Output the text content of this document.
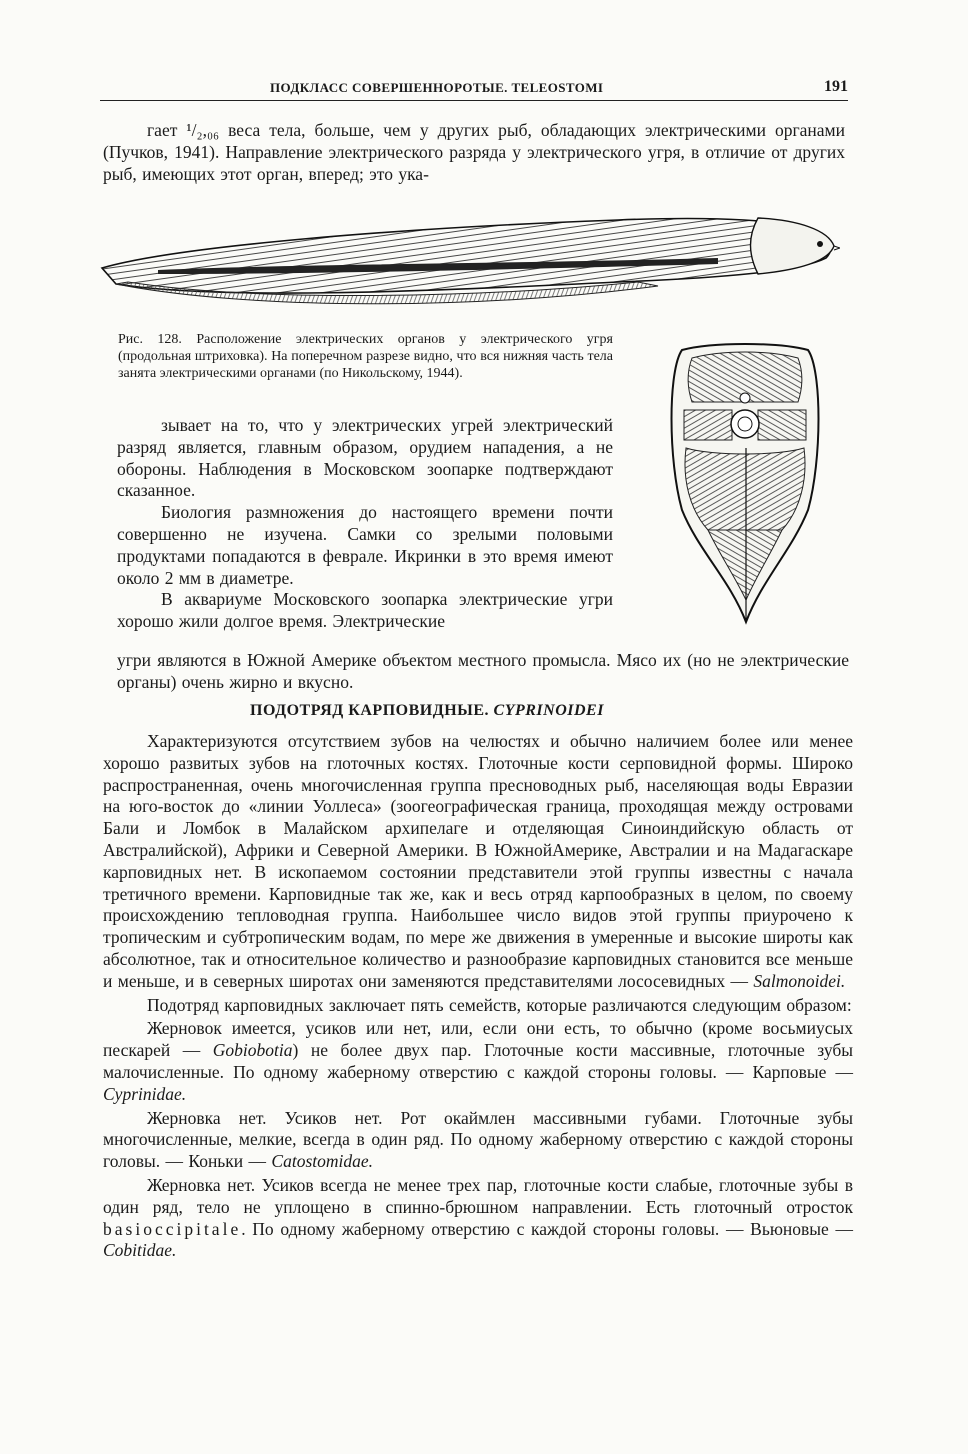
ПОДКЛАСС СОВЕРШЕННОРОТЫЕ. TELEOSTOMI	191
гает ¹/₂,₀₆ веса тела, больше, чем у других рыб, обладающих электрическими органами (Пучков, 1941). Направление электрического разряда у электрического угря, в отличие от других рыб, имеющих этот орган, вперед; это ука-
Рис. 128. Расположение электрических органов у электрического угря (продольная штриховка). На поперечном разрезе видно, что вся нижняя часть тела занята электрическими органами (по Никольскому, 1944).

зывает на то, что у электрических угрей электрический разряд является, главным образом, орудием нападения, а не обороны. Наблюдения в Московском зоопарке подтверждают сказанное.

Биология размножения до настоящего времени почти совершенно не изучена. Самки со зрелыми половыми продуктами попадаются в феврале. Икринки в это время имеют около 2 мм в диаметре.

В аквариуме Московского зоопарка электрические угри хорошо жили долгое время. Электрические

угри являются в Южной Америке объектом местного промысла. Мясо их (но не электрические органы) очень жирно и вкусно.
ПОДОТРЯД КАРПОВИДНЫЕ. CYPRINOIDEI

Характеризуются отсутствием зубов на челюстях и обычно наличием более или менее хорошо развитых зубов на глоточных костях. Глоточные кости серповидной формы. Широко распространенная, очень многочисленная группа пресноводных рыб, населяющая воды Евразии на юго-восток до «линии Уоллеса» (зоогеографическая граница, проходящая между островами Бали и Ломбок в Малайском архипелаге и отделяющая Синоиндийскую область от Австралийской), Африки и Северной Америки. В ЮжнойАмерике, Австралии и на Мадагаскаре карповидных нет. В ископаемом состоянии представители этой группы известны с начала третичного времени. Карповидные так же, как и весь отряд карпообразных в целом, по своему происхождению тепловодная группа. Наибольшее число видов этой группы приурочено к тропическим и субтропическим водам, по мере же движения в умеренные и высокие широты как абсолютное, так и относительное количество и разнообразие карповидных становится все меньше и меньше, и в северных широтах они заменяются представителями лососевидных — Salmonoidei.

Подотряд карповидных заключает пять семейств, которые различаются следующим образом:

Жерновок имеется, усиков или нет, или, если они есть, то обычно (кроме восьмиусых пескарей — Gobiobotia) не более двух пар. Глоточные кости массивные, глоточные зубы малочисленные. По одному жаберному отверстию с каждой стороны головы. — Карповые — Cyprinidae.

Жерновка нет. Усиков нет. Рот окаймлен массивными губами. Глоточные зубы многочисленные, мелкие, всегда в один ряд. По одному жаберному отверстию с каждой стороны головы. — Коньки — Catostomidae.

Жерновка нет. Усиков всегда не менее трех пар, глоточные кости слабые, глоточные зубы в один ряд, тело не уплощено в спинно-брюшном направлении. Есть глоточный отросток basioccipitale. По одному жаберному отверстию с каждой стороны головы. — Вьюновые — Cobitidae.
